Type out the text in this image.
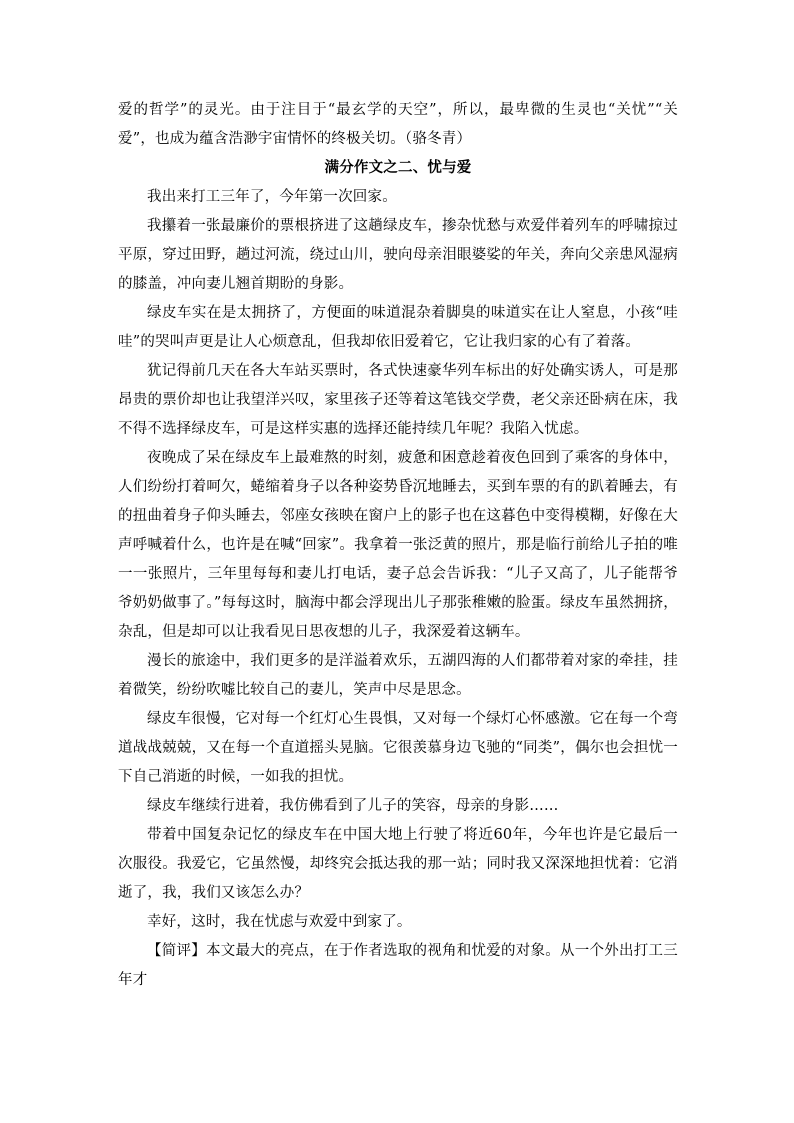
爱的哲学”的灵光。由于注目于“最玄学的天空”，所以，最卑微的生灵也“关忧”“关爱”，也成为蕴含浩渺宇宙情怀的终极关切。（骆冬青）

满分作文之二、忧与爱

我出来打工三年了，今年第一次回家。

我攥着一张最廉价的票根挤进了这趟绿皮车，掺杂忧愁与欢爱伴着列车的呼啸掠过平原，穿过田野，趟过河流，绕过山川，驶向母亲泪眼婆娑的年关，奔向父亲患风湿病的膝盖，冲向妻儿翘首期盼的身影。

绿皮车实在是太拥挤了，方便面的味道混杂着脚臭的味道实在让人窒息，小孩“哇哇”的哭叫声更是让人心烦意乱，但我却依旧爱着它，它让我归家的心有了着落。

犹记得前几天在各大车站买票时，各式快速豪华列车标出的好处确实诱人，可是那昂贵的票价却也让我望洋兴叹，家里孩子还等着这笔钱交学费，老父亲还卧病在床，我不得不选择绿皮车，可是这样实惠的选择还能持续几年呢？我陷入忧虑。

夜晚成了呆在绿皮车上最难熬的时刻，疲惫和困意趁着夜色回到了乘客的身体中，人们纷纷打着呵欠，蜷缩着身子以各种姿势昏沉地睡去，买到车票的有的趴着睡去，有的扭曲着身子仰头睡去，邻座女孩映在窗户上的影子也在这暮色中变得模糊，好像在大声呼喊着什么，也许是在喊“回家”。我拿着一张泛黄的照片，那是临行前给儿子拍的唯一一张照片，三年里每每和妻儿打电话，妻子总会告诉我：“儿子又高了，儿子能帮爷爷奶奶做事了。”每每这时，脑海中都会浮现出儿子那张稚嫩的脸蛋。绿皮车虽然拥挤，杂乱，但是却可以让我看见日思夜想的儿子，我深爱着这辆车。

漫长的旅途中，我们更多的是洋溢着欢乐，五湖四海的人们都带着对家的牵挂，挂着微笑，纷纷吹嘘比较自己的妻儿，笑声中尽是思念。

绿皮车很慢，它对每一个红灯心生畏惧，又对每一个绿灯心怀感激。它在每一个弯道战战兢兢，又在每一个直道摇头晃脑。它很羡慕身边飞驰的“同类”，偶尔也会担忧一下自己消逝的时候，一如我的担忧。

绿皮车继续行进着，我仿佛看到了儿子的笑容，母亲的身影……

带着中国复杂记忆的绿皮车在中国大地上行驶了将近60年，今年也许是它最后一次服役。我爱它，它虽然慢，却终究会抵达我的那一站；同时我又深深地担忧着：它消逝了，我，我们又该怎么办？

幸好，这时，我在忧虑与欢爱中到家了。

【简评】本文最大的亮点，在于作者选取的视角和忧爱的对象。从一个外出打工三年才
